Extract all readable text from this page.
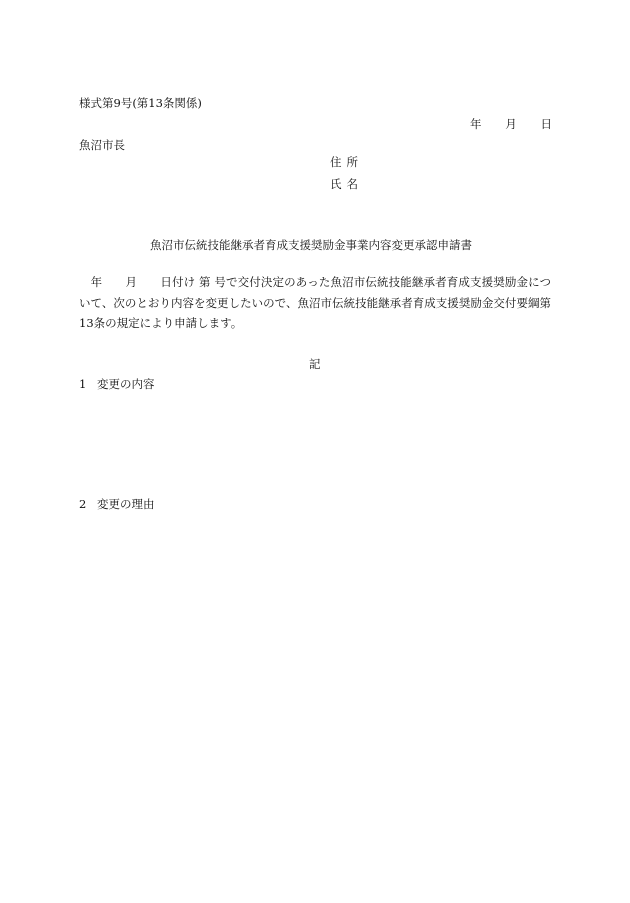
様式第9号(第13条関係)

年 月 日

魚沼市長

住 所
氏 名

魚沼市伝統技能継承者育成支援奨励金事業内容変更承認申請書

　年　　月　　日付け 第 号で交付決定のあった魚沼市伝統技能継承者育成支援奨励金について、次のとおり内容を変更したいので、魚沼市伝統技能継承者育成支援奨励金交付要綱第13条の規定により申請します。

記

1 変更の内容

2 変更の理由
